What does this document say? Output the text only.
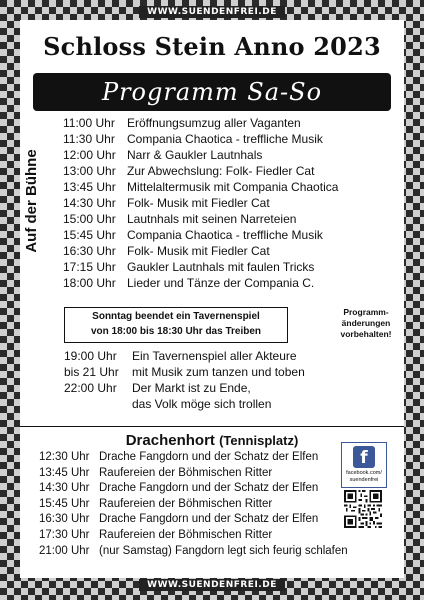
WWW.SUENDENFREI.DE
Schloss Stein Anno 2023
Programm Sa-So
Auf der Bühne
11:00 Uhr Eröffnungsumzug aller Vaganten
11:30 Uhr Compania Chaotica - treffliche Musik
12:00 Uhr Narr & Gaukler Lautnhals
13:00 Uhr Zur Abwechslung: Folk- Fiedler Cat
13:45 Uhr Mittelaltermusik mit Compania Chaotica
14:30 Uhr Folk- Musik mit Fiedler Cat
15:00 Uhr Lautnhals mit seinen Narreteien
15:45 Uhr Compania Chaotica - treffliche Musik
16:30 Uhr Folk- Musik mit Fiedler Cat
17:15 Uhr Gaukler Lautnhals mit faulen Tricks
18:00 Uhr Lieder und Tänze der Compania C.
Sonntag beendet ein Tavernenspiel
von 18:00 bis 18:30 Uhr das Treiben
Programm-
änderungen
vorbehalten!
19:00 Uhr Ein Tavernenspiel aller Akteure
bis 21 Uhr mit Musik zum tanzen und toben
22:00 Uhr Der Markt ist zu Ende,
das Volk möge sich trollen
Drachenhort (Tennisplatz)
12:30 Uhr Drache Fangdorn und der Schatz der Elfen
13:45 Uhr Raufereien der Böhmischen Ritter
14:30 Uhr Drache Fangdorn und der Schatz der Elfen
15:45 Uhr Raufereien der Böhmischen Ritter
16:30 Uhr Drache Fangdorn und der Schatz der Elfen
17:30 Uhr Raufereien der Böhmischen Ritter
21:00 Uhr (nur Samstag) Fangdorn legt sich feurig schlafen
f
facebook.com/
suendenfrei
WWW.SUENDENFREI.DE
